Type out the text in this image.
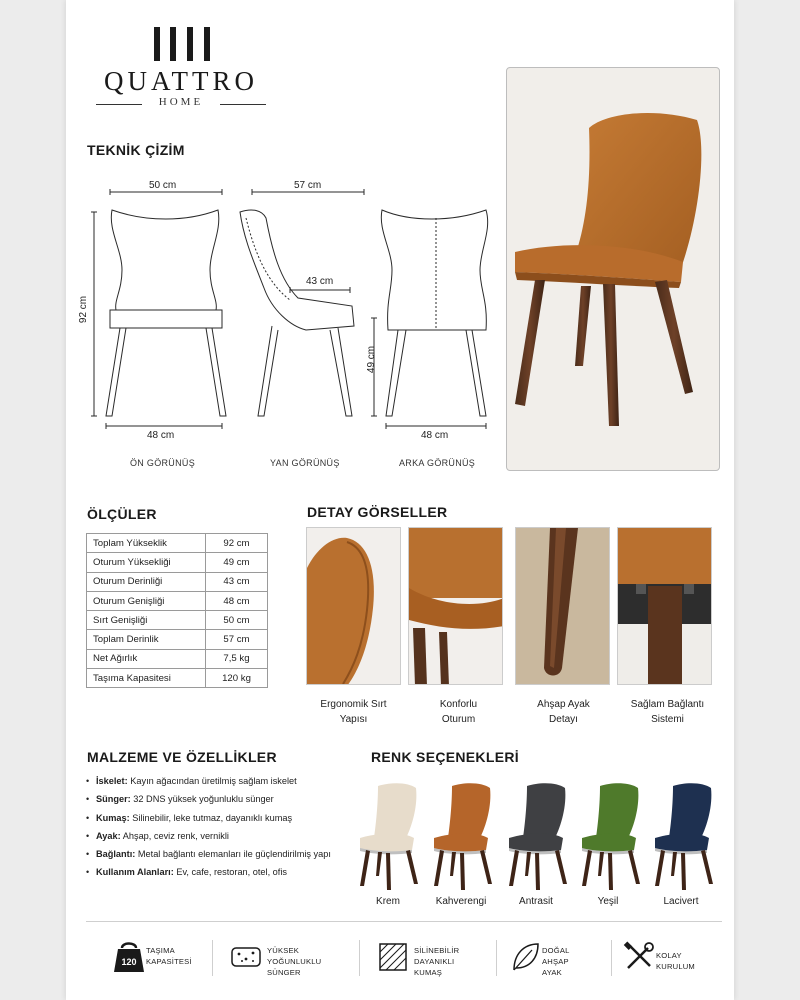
QUATTRO
HOME
TEKNİK ÇİZİM
50 cm	57 cm
43 cm
92 cm
49 cm
48 cm	48 cm
ÖN GÖRÜNÜŞ	YAN GÖRÜNÜŞ	ARKA GÖRÜNÜŞ
ÖLÇÜLER
Toplam Yükseklik	92 cm
Oturum Yüksekliği	49 cm
Oturum Derinliği	43 cm
Oturum Genişliği	48 cm
Sırt Genişliği	50 cm
Toplam Derinlik	57 cm
Net Ağırlık	7,5 kg
Taşıma Kapasitesi	120 kg
DETAY GÖRSELLER
Ergonomik Sırt
Yapısı
Konforlu
Oturum
Ahşap Ayak
Detayı
Sağlam Bağlantı
Sistemi
MALZEME VE ÖZELLİKLER
• İskelet: Kayın ağacından üretilmiş sağlam iskelet
• Sünger: 32 DNS yüksek yoğunluklu sünger
• Kumaş: Silinebilir, leke tutmaz, dayanıklı kumaş
• Ayak: Ahşap, ceviz renk, vernikli
• Bağlantı: Metal bağlantı elemanları ile güçlendirilmiş yapı
• Kullanım Alanları: Ev, cafe, restoran, otel, ofis
RENK SEÇENEKLERİ
Krem	Kahverengi	Antrasit	Yeşil	Lacivert
120
TAŞIMA
KAPASİTESİ
YÜKSEK YOĞUNLUKLU
SÜNGER
SİLİNEBİLİR
DAYANIKLI KUMAŞ
DOĞAL AHŞAP
AYAK
KOLAY KURULUM
